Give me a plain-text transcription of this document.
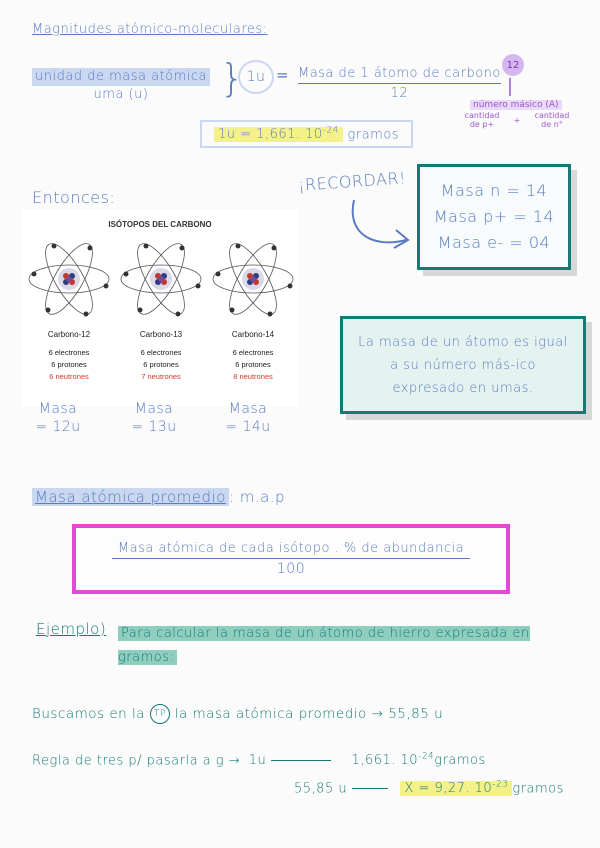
Magnitudes atómico-moleculares:
unidad de masa atómica
uma (u)	} 1u = Masa de 1 átomo de carbono
12
12
número másico (A)
cantidad de p+	+	cantidad de n°
1u = 1,661. $10^{-24}$ gramos
Entonces:
¡RECORDAR! Masa n = 14
Masa p+ = 14
Masa e- = 04
ISÓTOPOS DEL CARBONO
Carbono-12
6 electrones
6 protones
6 neutrones
Carbono-13
6 electrones
6 protones
7 neutrones
Carbono-14
6 electrones
6 protones
8 neutrones
Masa
= 12u
Masa
= 13u
Masa
= 14u
La masa de un átomo es igual a su número más-ico expresado en umas.
Masa atómica promedio : m.a.p
Masa atómica de cada isótopo . % de abundancia
100
Ejemplo) Para calcular la masa de un átomo de hierro expresada en gramos:
Buscamos en la TP la masa atómica promedio → 55,85 u
Regla de tres p/ pasarla a g → 1u	1,661. $10^{-24}gramos$
55,85 u	X = 9,27. $10^{-23}$ gramos
